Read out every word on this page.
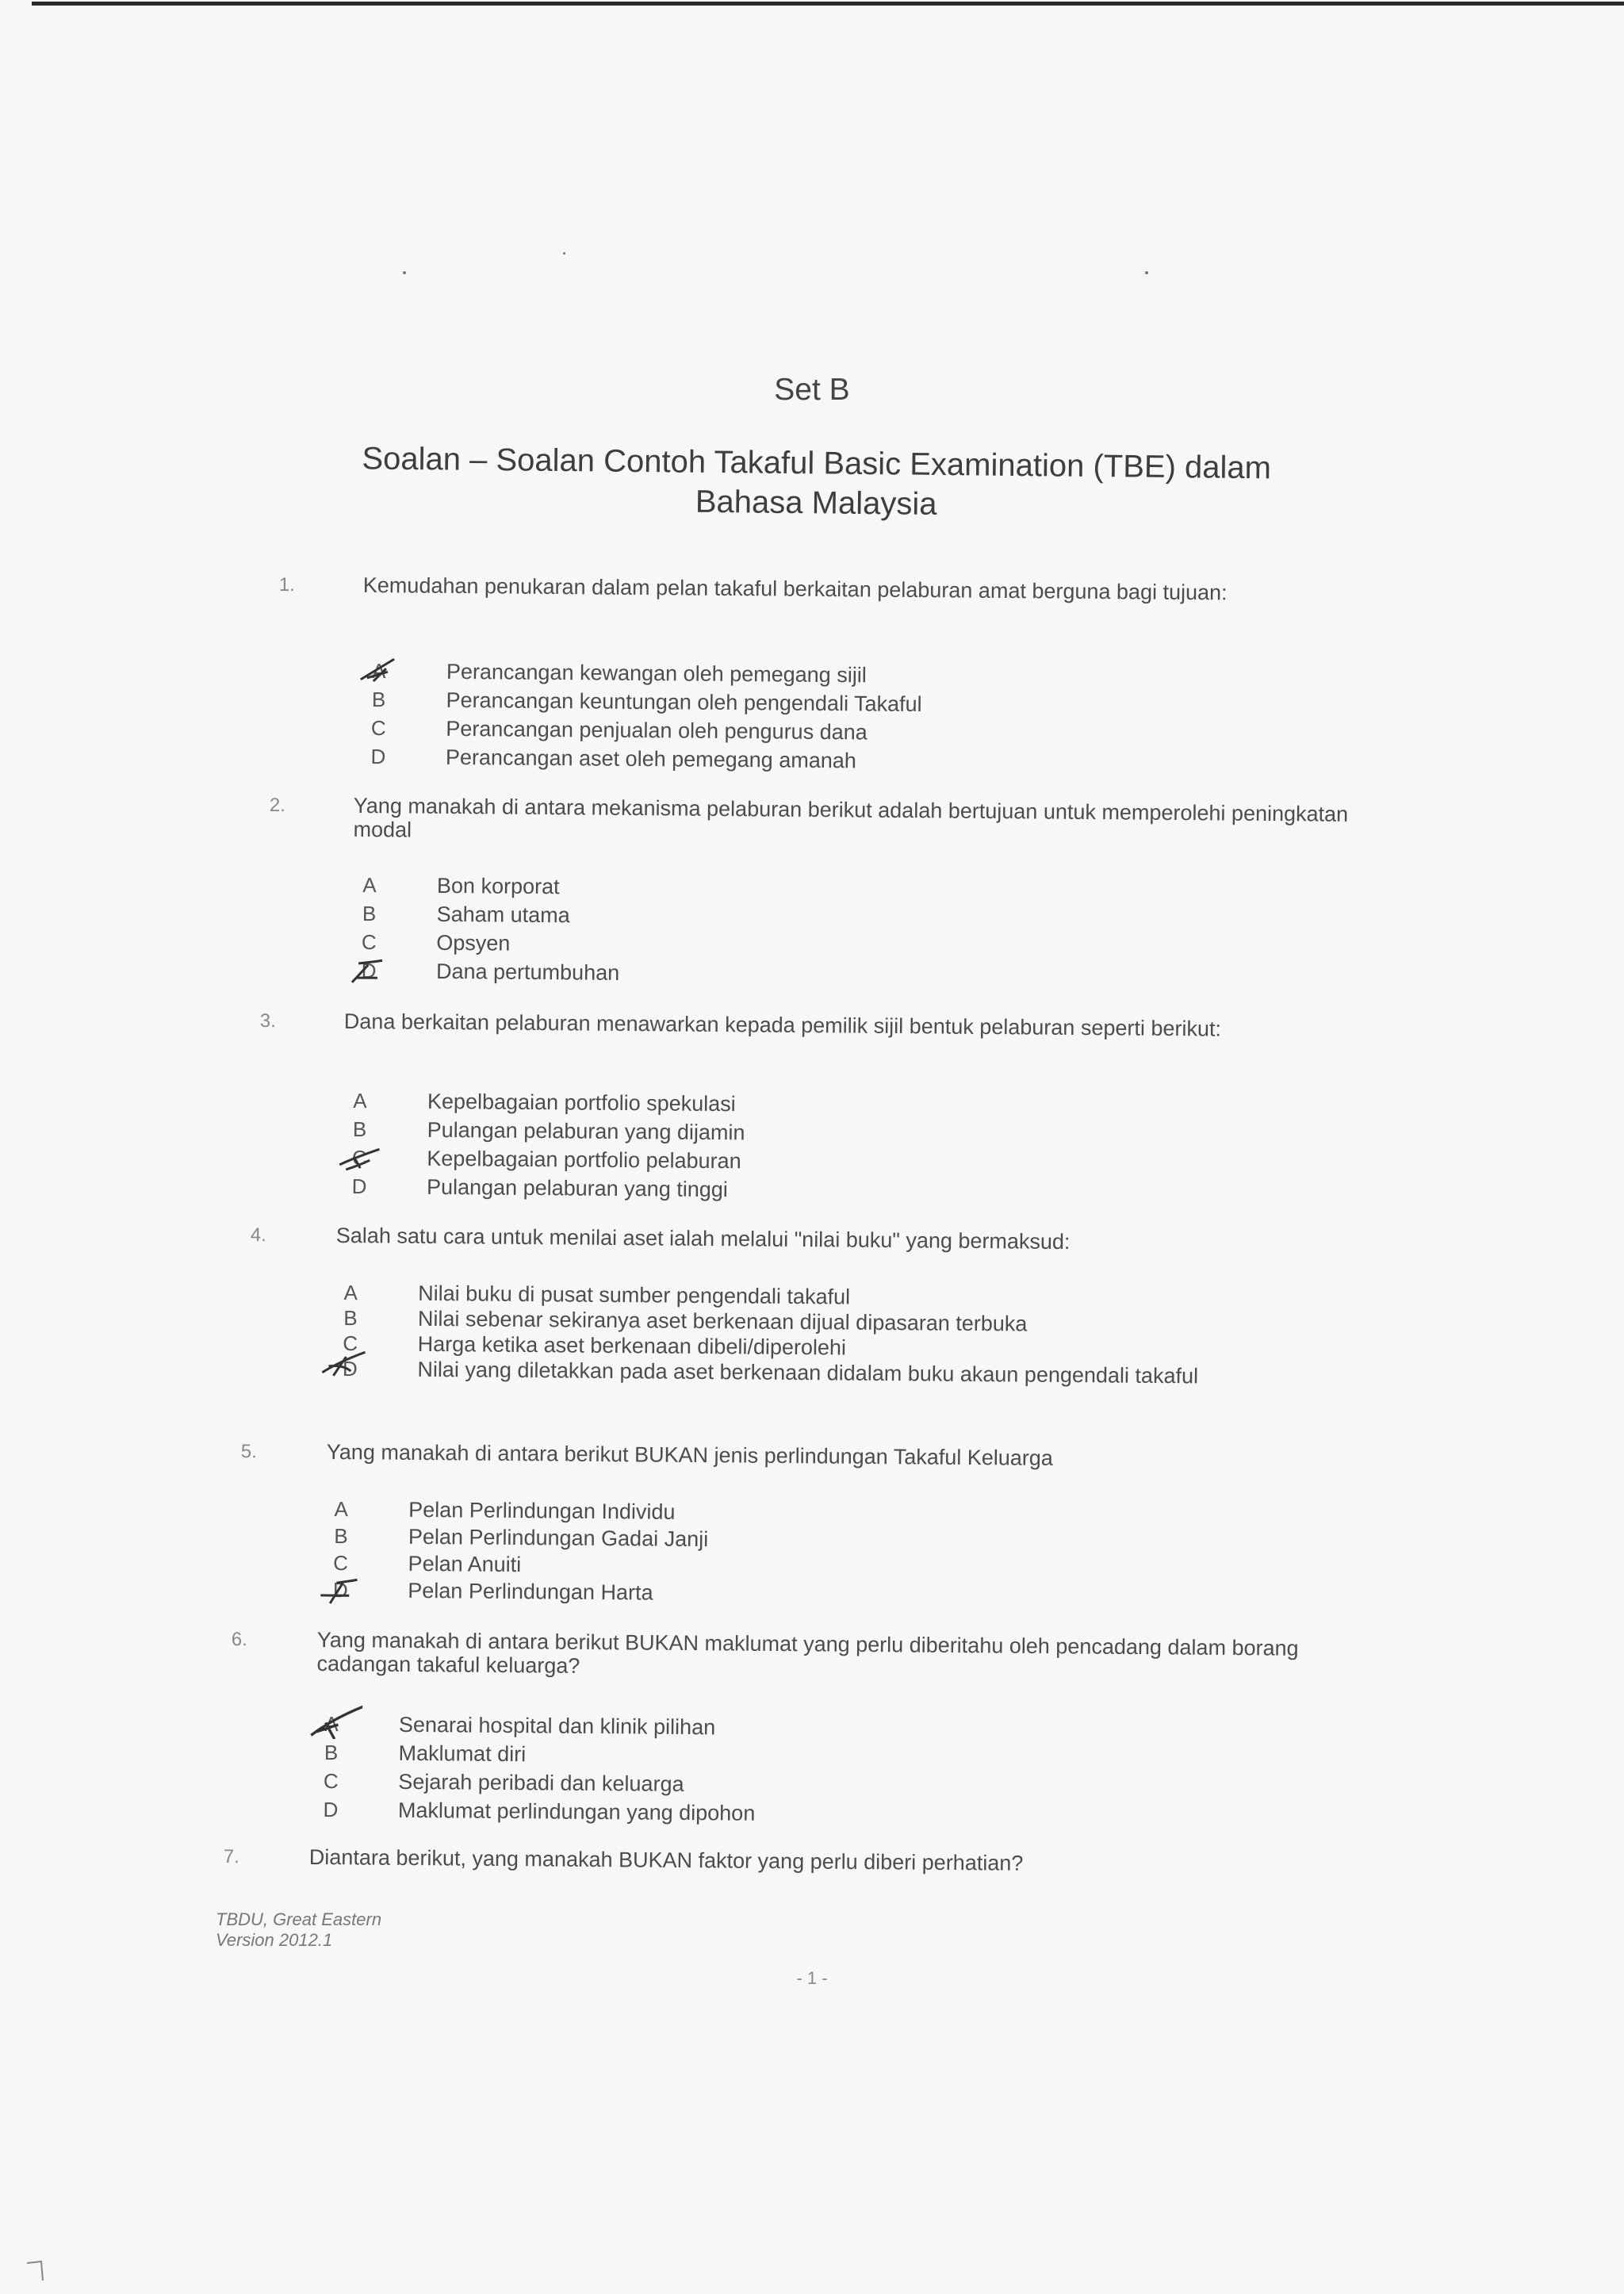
Set B
Soalan – Soalan Contoh Takaful Basic Examination (TBE) dalam
Bahasa Malaysia
1.	Kemudahan penukaran dalam pelan takaful berkaitan pelaburan amat berguna bagi tujuan:
A	Perancangan kewangan oleh pemegang sijil
B	Perancangan keuntungan oleh pengendali Takaful
C	Perancangan penjualan oleh pengurus dana
D	Perancangan aset oleh pemegang amanah
2.	Yang manakah di antara mekanisma pelaburan berikut adalah bertujuan untuk memperolehi peningkatan modal
A	Bon korporat
B	Saham utama
C	Opsyen
D	Dana pertumbuhan
3.	Dana berkaitan pelaburan menawarkan kepada pemilik sijil bentuk pelaburan seperti berikut:
A	Kepelbagaian portfolio spekulasi
B	Pulangan pelaburan yang dijamin
C	Kepelbagaian portfolio pelaburan
D	Pulangan pelaburan yang tinggi
4.	Salah satu cara untuk menilai aset ialah melalui "nilai buku" yang bermaksud:
A	Nilai buku di pusat sumber pengendali takaful
B	Nilai sebenar sekiranya aset berkenaan dijual dipasaran terbuka
C	Harga ketika aset berkenaan dibeli/diperolehi
D	Nilai yang diletakkan pada aset berkenaan didalam buku akaun pengendali takaful
5.	Yang manakah di antara berikut BUKAN jenis perlindungan Takaful Keluarga
A	Pelan Perlindungan Individu
B	Pelan Perlindungan Gadai Janji
C	Pelan Anuiti
D	Pelan Perlindungan Harta
6.	Yang manakah di antara berikut BUKAN maklumat yang perlu diberitahu oleh pencadang dalam borang cadangan takaful keluarga?
A	Senarai hospital dan klinik pilihan
B	Maklumat diri
C	Sejarah peribadi dan keluarga
D	Maklumat perlindungan yang dipohon
7.	Diantara berikut, yang manakah BUKAN faktor yang perlu diberi perhatian?
TBDU, Great Eastern
Version 2012.1
- 1 -
